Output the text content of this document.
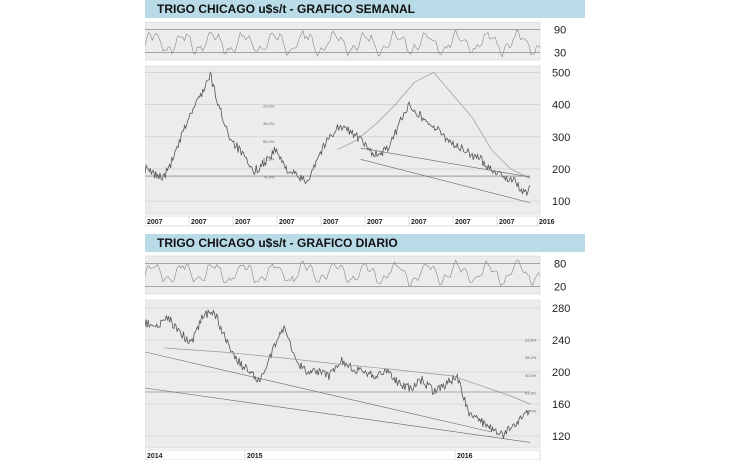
TRIGO CHICAGO u$s/t - GRAFICO SEMANAL
90
30
500
400
300
200
100
23.6%
38.2%
50.0%
61.8%
76.4%
2007	2007	2007	2007	2007	2007	2007	2007	2007	2016
TRIGO CHICAGO u$s/t - GRAFICO DIARIO
80
20
280
240
200
160
120
23.6%
38.2%
50.0%
61.8%
76.4%
2014	2015	2016
